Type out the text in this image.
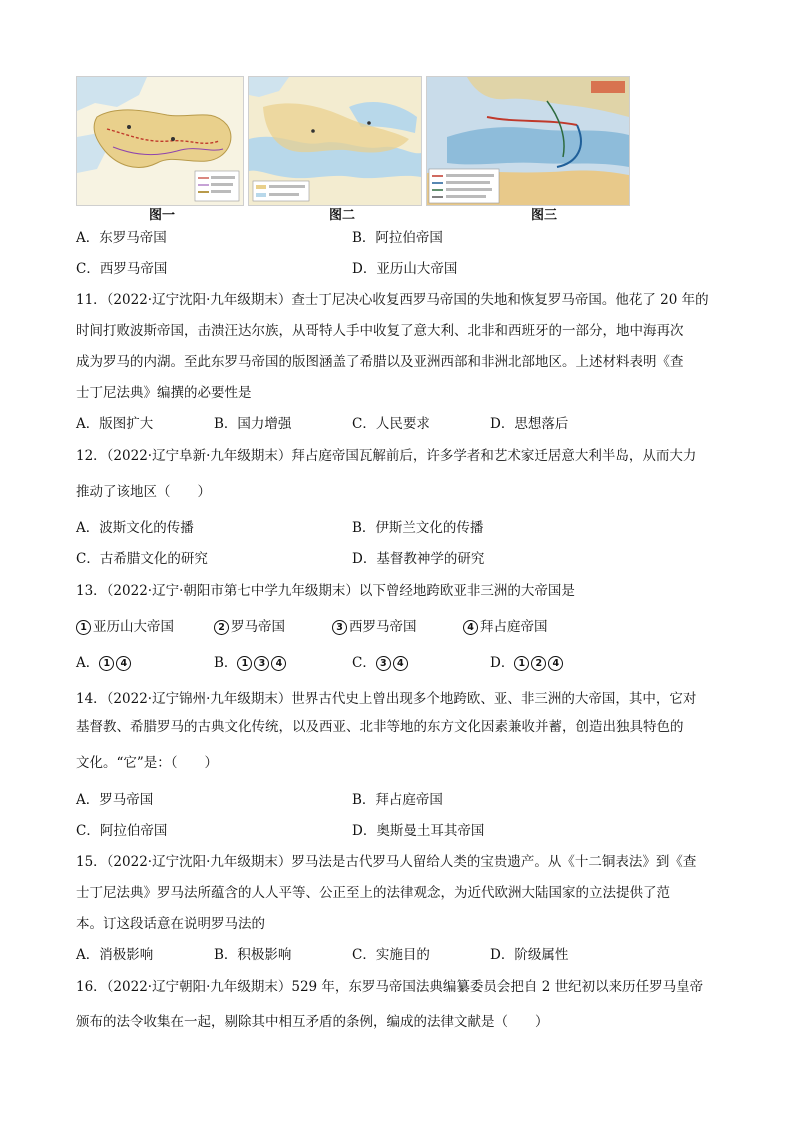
图一	图二	图三
A．东罗马帝国	B．阿拉伯帝国
C．西罗马帝国	D．亚历山大帝国
11．（2022·辽宁沈阳·九年级期末）查士丁尼决心收复西罗马帝国的失地和恢复罗马帝国。他花了 20 年的
时间打败波斯帝国，击溃汪达尔族，从哥特人手中收复了意大利、北非和西班牙的一部分，地中海再次
成为罗马的内湖。至此东罗马帝国的版图涵盖了希腊以及亚洲西部和非洲北部地区。上述材料表明《查
士丁尼法典》编撰的必要性是
A．版图扩大	B．国力增强	C．人民要求	D．思想落后
12．（2022·辽宁阜新·九年级期末）拜占庭帝国瓦解前后，许多学者和艺术家迁居意大利半岛，从而大力
推动了该地区（　　）
A．波斯文化的传播	B．伊斯兰文化的传播
C．古希腊文化的研究	D．基督教神学的研究
13．（2022·辽宁·朝阳市第七中学九年级期末）以下曾经地跨欧亚非三洲的大帝国是
1 亚历山大帝国	2 罗马帝国	3 西罗马帝国	4 拜占庭帝国
A． 1 4	B． 1 3 4	C． 3 4	D． 1 2 4
14．（2022·辽宁锦州·九年级期末）世界古代史上曾出现多个地跨欧、亚、非三洲的大帝国，其中，它对
基督教、希腊罗马的古典文化传统，以及西亚、北非等地的东方文化因素兼收并蓄，创造出独具特色的
文化。“它”是：（　　）
A．罗马帝国	B．拜占庭帝国
C．阿拉伯帝国	D．奥斯曼土耳其帝国
15．（2022·辽宁沈阳·九年级期末）罗马法是古代罗马人留给人类的宝贵遗产。从《十二铜表法》到《查
士丁尼法典》罗马法所蕴含的人人平等、公正至上的法律观念，为近代欧洲大陆国家的立法提供了范
本。订这段话意在说明罗马法的
A．消极影响	B．积极影响	C．实施目的	D．阶级属性
16．（2022·辽宁朝阳·九年级期末）529 年，东罗马帝国法典编纂委员会把自 2 世纪初以来历任罗马皇帝
颁布的法令收集在一起，剔除其中相互矛盾的条例，编成的法律文献是（　　）
